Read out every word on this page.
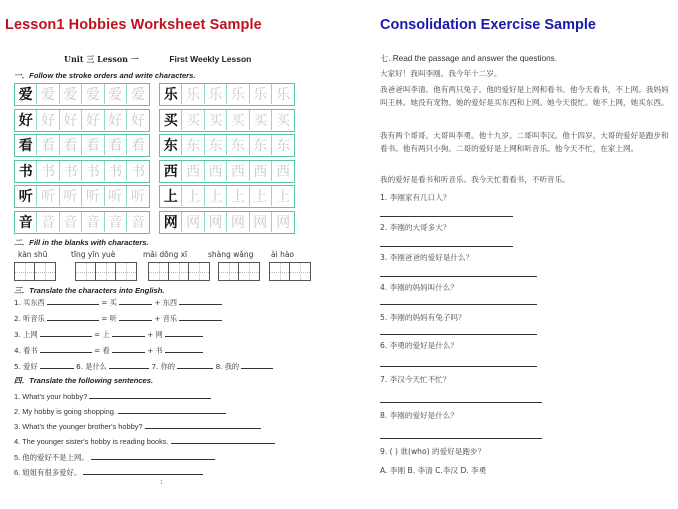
Lesson1 Hobbies Worksheet Sample
Unit 三 Lesson 一	First Weekly Lesson
一．Follow the stroke orders and write characters.
爱 爱 爱 爱 爱 爱
好 好 好 好 好 好
看 看 看 看 看 看
书 书 书 书 书 书
听 听 听 听 听 听
音 音 音 音 音 音
乐 乐 乐 乐 乐 乐
买 买 买 买 买 买
东 东 东 东 东 东
西 西 西 西 西 西
上 上 上 上 上 上
网 网 网 网 网 网
二．Fill in the blanks with characters.
kàn shū	tīng yīn yuè	mǎi dōng xī	shàng wǎng ài hào
三．Translate the characters into English.
1. 买东西	= 买	+ 东西
2. 听音乐	= 听	+ 音乐
3. 上网	= 上	+ 网
4. 看书	= 看	+ 书
5. 爱好	6. 是什么	7. 你的	8. 我的
四．Translate the following sentences.
1. What's your hobby?
2. My hobby is going shopping.
3. What's the younger brother's hobby?
4. The younger sister's hobby is reading books.
5. 他的爱好不是上网。
6. 姐姐有很多爱好。
1
Consolidation Exercise Sample
七. Read the passage and answer the questions.
大家好！我叫李刚。我今年十二岁。
我爸爸叫李清。他有两只兔子。他的爱好是上网和看书。他今天看书，不上网。我妈妈叫王林。她没有宠物。她的爱好是买东西和上网。她今天很忙。她不上网，她买东西。
我有两个哥哥。大哥叫李勇。他十九岁。二哥叫李汉。他十四岁。大哥的爱好是跑步和看书。他有两只小狗。二哥的爱好是上网和听音乐。他今天不忙，在家上网。
我的爱好是看书和听音乐。我今天忙着看书，不听音乐。
1. 李刚家有几口人？
2. 李刚的大哥多大？
3. 李刚爸爸的爱好是什么？
4. 李刚的妈妈叫什么？
5. 李刚的妈妈有兔子吗？
6. 李勇的爱好是什么？
7. 李汉今天忙不忙？
8. 李刚的爱好是什么？
9. ( ) 谁(who) 的爱好是跑步？
A. 李刚 B. 李清 C.李汉 D. 李勇
